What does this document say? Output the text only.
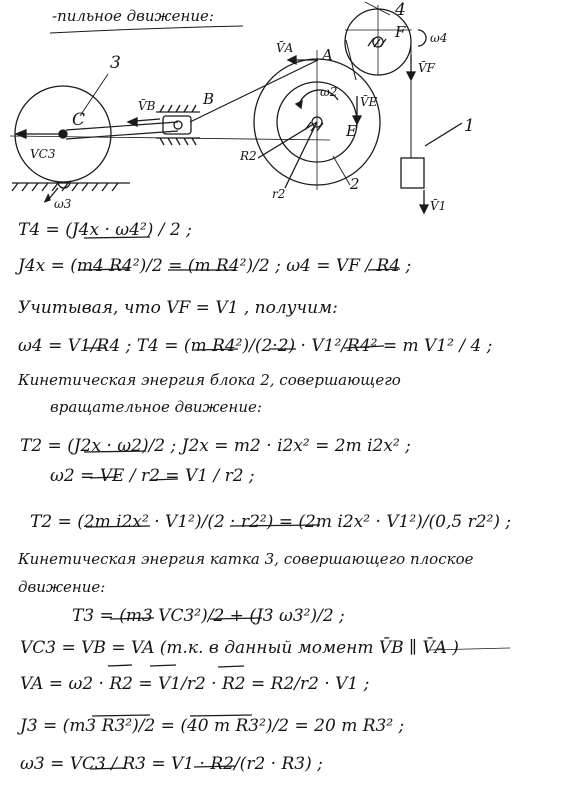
-пильное движение:
3
4
1
2
C
B
A
E
F
V̄B
V̄A
VC3
V̄F
V̄E
V̄1
ω2
ω3
ω4
R2
r2
T4 = (J4x · ω4²) / 2 ;
J4x = (m4 R4²)/2 = (m R4²)/2 ; ω4 = VF / R4 ;
Учитывая, что VF = V1 , получим:
ω4 = V1/R4 ; T4 = (m R4²)/(2·2) · V1²/R4² = m V1² / 4 ;
Кинетическая энергия блока 2, совершающего
вращательное движение:
T2 = (J2x · ω2)/2 ; J2x = m2 · i2x² = 2m i2x² ;
ω2 = VE / r2 = V1 / r2 ;
T2 = (2m i2x² · V1²)/(2 · r2²) = (2m i2x² · V1²)/(0,5 r2²) ;
Кинетическая энергия катка 3, совершающего плоское
движение:
T3 = (m3 VC3²)/2 + (J3 ω3²)/2 ;
VC3 = VB = VA (т.к. в данный момент V̄B ∥ V̄A )
VA = ω2 · R2 = V1/r2 · R2 = R2/r2 · V1 ;
J3 = (m3 R3²)/2 = (40 m R3²)/2 = 20 m R3² ;
ω3 = VC3 / R3 = V1 · R2/(r2 · R3) ;
